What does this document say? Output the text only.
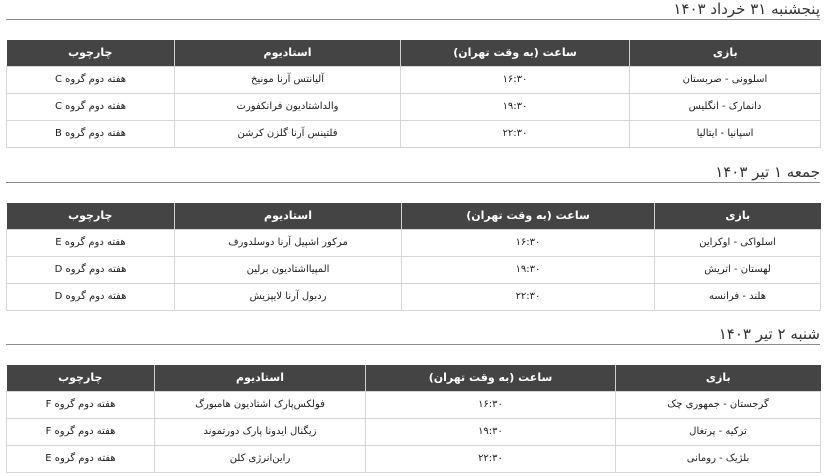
پنجشنبه ۳۱ خرداد ۱۴۰۳
بازی	ساعت (به وقت تهران)	استادیوم	چارچوب
اسلوونی - صربستان	۱۶:۳۰	آلیانتس آرنا مونیخ	هفته دوم گروه C
دانمارک - انگلیس	۱۹:۳۰	والداشتادیون فرانکفورت	هفته دوم گروه C
اسپانیا - ایتالیا	۲۲:۳۰	فلتینس آرنا گلزن کرشن	هفته دوم گروه B
جمعه ۱ تیر ۱۴۰۳
بازی	ساعت (به وقت تهران)	استادیوم	چارچوب
اسلواکی - اوکراین	۱۶:۳۰	مرکور اشپیل آرنا دوسلدورف	هفته دوم گروه E
لهستان - اتریش	۱۹:۳۰	المپیااشتادیون برلین	هفته دوم گروه D
هلند - فرانسه	۲۲:۳۰	ردبول آرنا لایپزیش	هفته دوم گروه D
شنبه ۲ تیر ۱۴۰۳
بازی	ساعت (به وقت تهران)	استادیوم	چارچوب
گرجستان - جمهوری چک	۱۶:۳۰	فولکس‌پارک اشتادیون هامبورگ	هفته دوم گروه F
ترکیه - پرتغال	۱۹:۳۰	زیگنال ایدونا پارک دورتموند	هفته دوم گروه F
بلژیک - رومانی	۲۲:۳۰	راین‌انرژی کلن	هفته دوم گروه E
